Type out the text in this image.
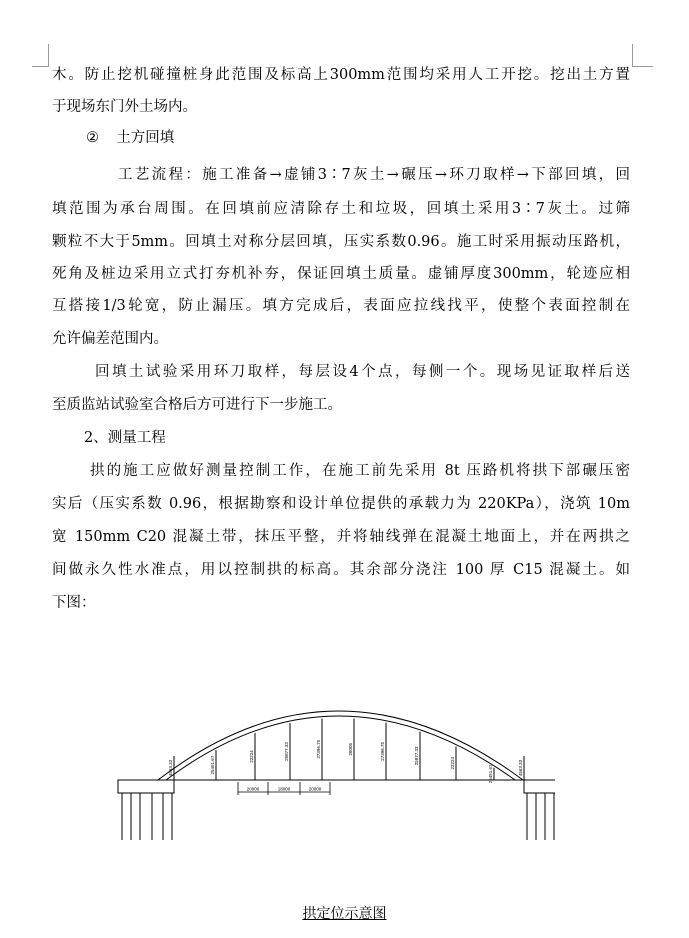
木。防止挖机碰撞桩身此范围及标高上300mm范围均采用人工开挖。挖出土方置
于现场东门外土场内。
② 土方回填
工艺流程：施工准备→虚铺3∶7灰土→碾压→环刀取样→下部回填，回
填范围为承台周围。在回填前应清除存土和垃圾，回填土采用3∶7灰土。过筛
颗粒不大于5mm。回填土对称分层回填，压实系数0.96。施工时采用振动压路机，
死角及桩边采用立式打夯机补夯，保证回填土质量。虚铺厚度300mm，轮迹应相
互搭接1/3轮宽，防止漏压。填方完成后，表面应拉线找平，使整个表面控制在
允许偏差范围内。
回填土试验采用环刀取样，每层设4个点，每侧一个。现场见证取样后送
至质监站试验室合格后方可进行下一步施工。
2、测量工程
拱的施工应做好测量控制工作，在施工前先采用 8t 压路机将拱下部碾压密
实后（压实系数 0.96，根据勘察和设计单位提供的承载力为 220KPa），浇筑 10m
宽 150mm C20 混凝土带，抹压平整，并将轴线弹在混凝土地面上，并在两拱之
间做永久性水准点，用以控制拱的标高。其余部分浇注 100 厚 C15 混凝土。如
下图：
4563.33	25451.67	22224	25877.33	27396.75	28005	27396.75	25877.33	22224
25451.67	4563.33
20000	18000	20000
拱定位示意图
